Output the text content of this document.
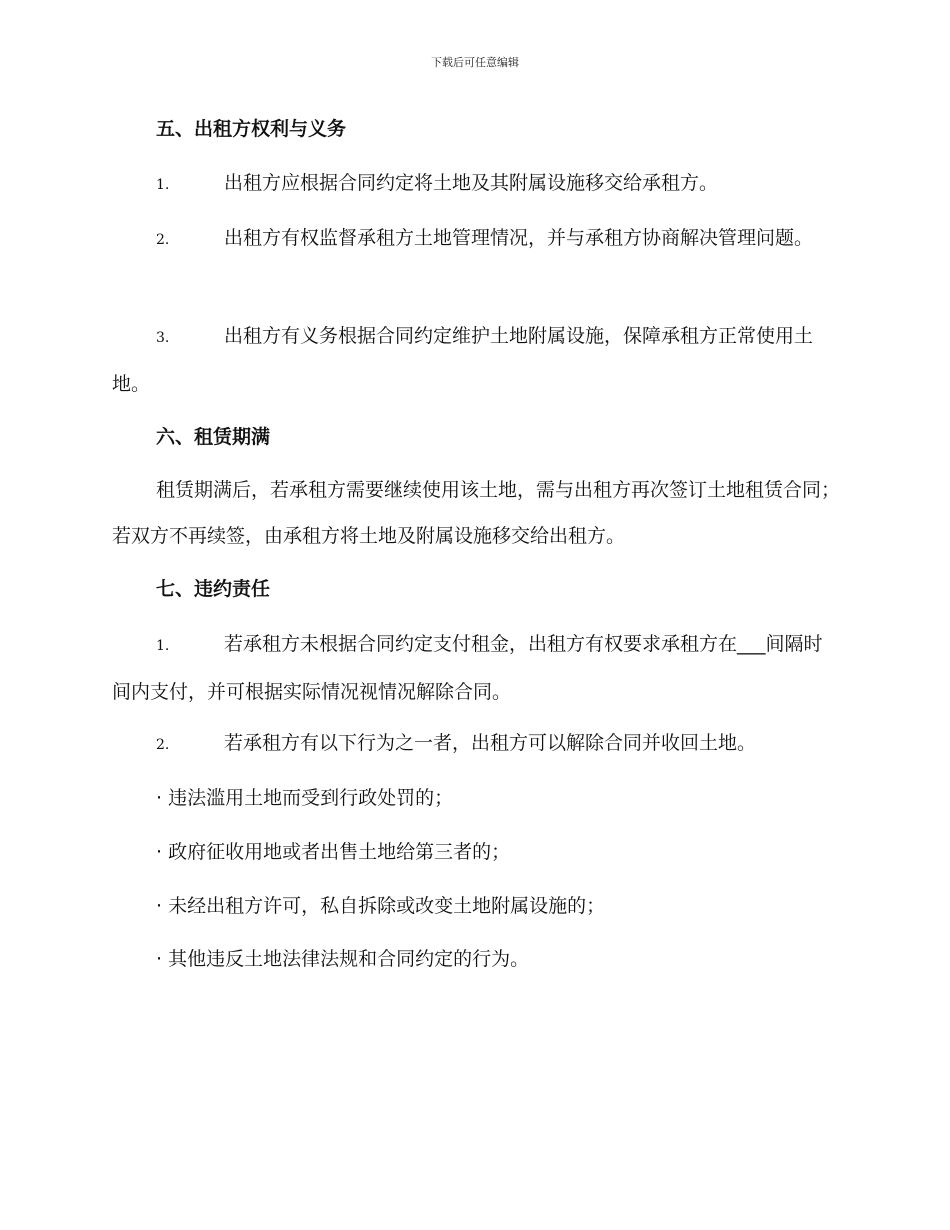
下载后可任意编辑
五、出租方权利与义务
1.	出租方应根据合同约定将土地及其附属设施移交给承租方。
2.	出租方有权监督承租方土地管理情况，并与承租方协商解决管理问题。
3.	出租方有义务根据合同约定维护土地附属设施，保障承租方正常使用土地。
六、租赁期满
租赁期满后，若承租方需要继续使用该土地，需与出租方再次签订土地租赁合同；若双方不再续签，由承租方将土地及附属设施移交给出租方。
七、违约责任
1.	若承租方未根据合同约定支付租金，出租方有权要求承租方在___间隔时间内支付，并可根据实际情况视情况解除合同。
2.	若承租方有以下行为之一者，出租方可以解除合同并收回土地。
· 违法滥用土地而受到行政处罚的；
· 政府征收用地或者出售土地给第三者的；
· 未经出租方许可，私自拆除或改变土地附属设施的；
· 其他违反土地法律法规和合同约定的行为。
